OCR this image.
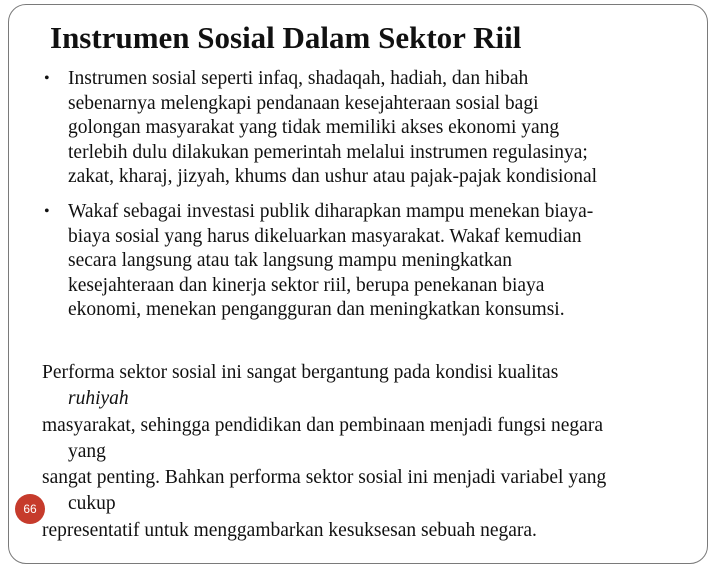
Instrumen Sosial Dalam Sektor Riil
• Instrumen sosial seperti infaq, shadaqah, hadiah, dan hibah
sebenarnya melengkapi pendanaan kesejahteraan sosial bagi
golongan masyarakat yang tidak memiliki akses ekonomi yang
terlebih dulu dilakukan pemerintah melalui instrumen regulasinya;
zakat, kharaj, jizyah, khums dan ushur atau pajak-pajak kondisional
• Wakaf sebagai investasi publik diharapkan mampu menekan biaya-
biaya sosial yang harus dikeluarkan masyarakat. Wakaf kemudian
secara langsung atau tak langsung mampu meningkatkan
kesejahteraan dan kinerja sektor riil, berupa penekanan biaya
ekonomi, menekan pengangguran dan meningkatkan konsumsi.
Performa sektor sosial ini sangat bergantung pada kondisi kualitas
ruhiyah
masyarakat, sehingga pendidikan dan pembinaan menjadi fungsi negara
yang
sangat penting. Bahkan performa sektor sosial ini menjadi variabel yang
cukup
representatif untuk menggambarkan kesuksesan sebuah negara.
66
